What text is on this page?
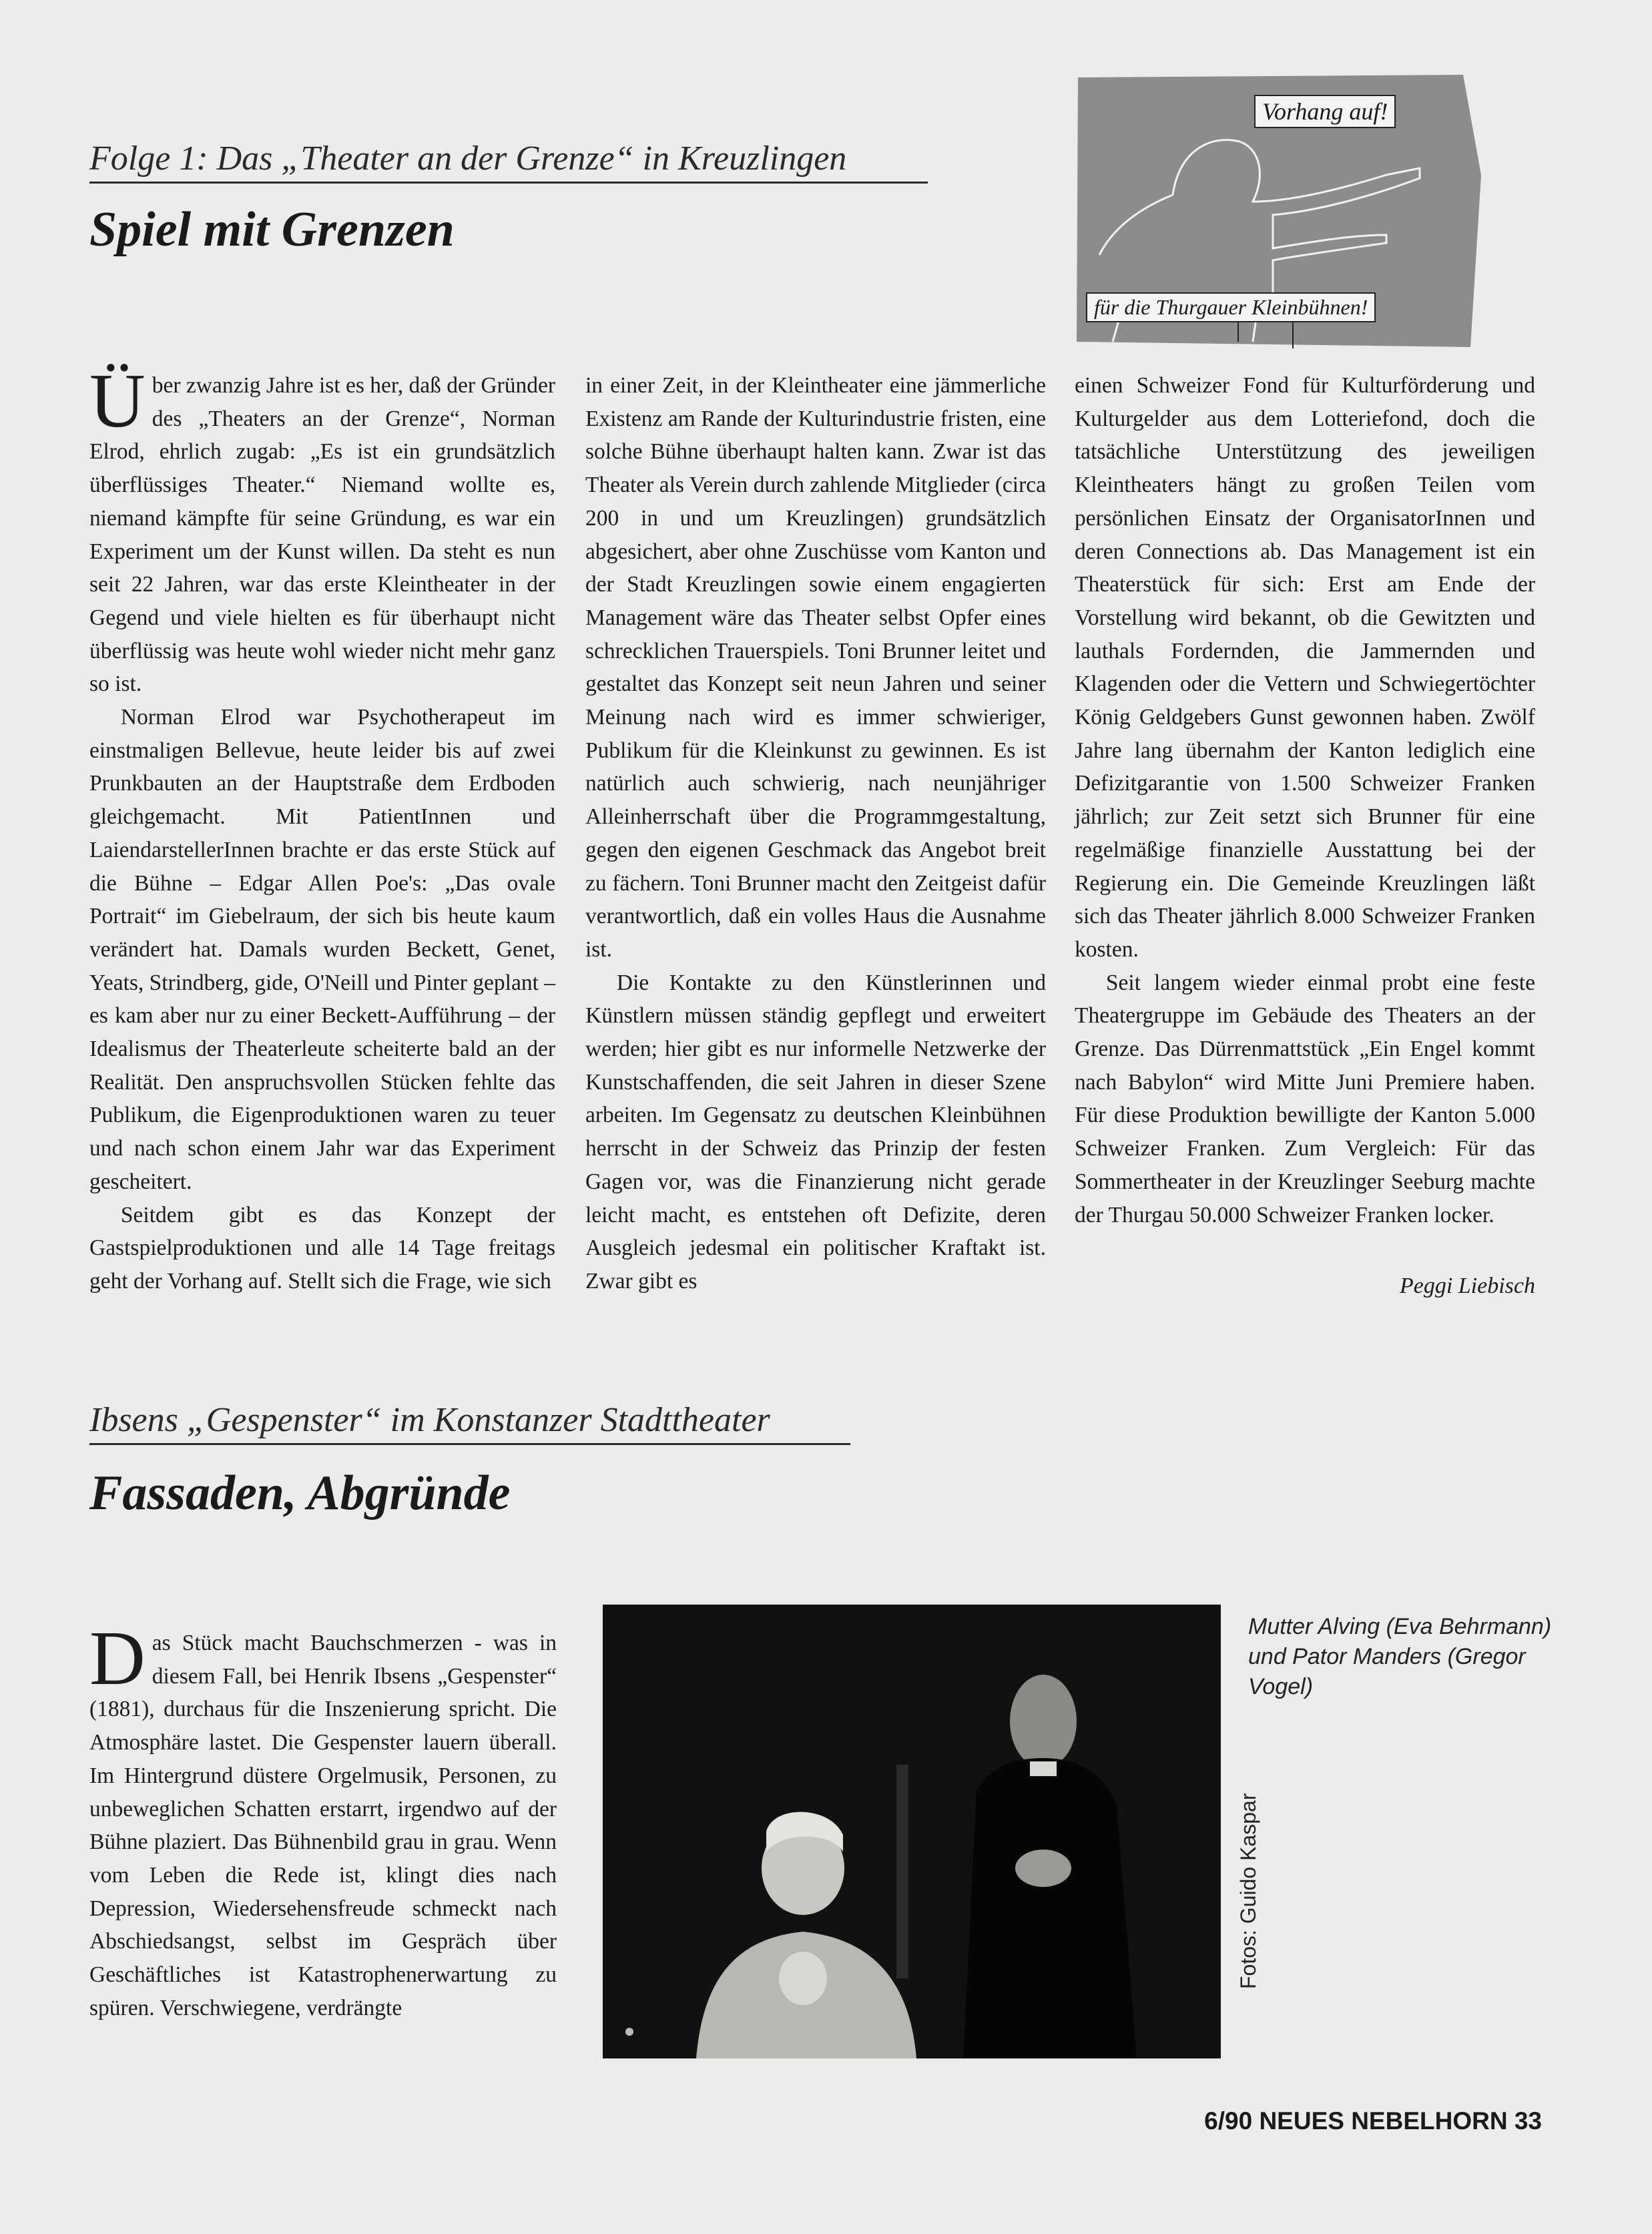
Folge 1: Das „Theater an der Grenze“ in Kreuzlingen
Spiel mit Grenzen
Vorhang auf!
für die Thurgauer Kleinbühnen!

Über zwanzig Jahre ist es her, daß der Gründer des „Theaters an der Grenze“, Norman Elrod, ehrlich zugab: „Es ist ein grundsätzlich überflüssiges Theater.“ Niemand wollte es, niemand kämpfte für seine Gründung, es war ein Experiment um der Kunst willen. Da steht es nun seit 22 Jahren, war das erste Kleintheater in der Gegend und viele hielten es für überhaupt nicht überflüssig was heute wohl wieder nicht mehr ganz so ist.

Norman Elrod war Psychotherapeut im einstmaligen Bellevue, heute leider bis auf zwei Prunkbauten an der Hauptstraße dem Erdboden gleichgemacht. Mit PatientInnen und LaiendarstellerInnen brachte er das erste Stück auf die Bühne – Edgar Allen Poe's: „Das ovale Portrait“ im Giebelraum, der sich bis heute kaum verändert hat. Damals wurden Beckett, Genet, Yeats, Strindberg, gide, O'Neill und Pinter geplant – es kam aber nur zu einer Beckett-Aufführung – der Idealismus der Theaterleute scheiterte bald an der Realität. Den anspruchsvollen Stücken fehlte das Publikum, die Eigenproduktionen waren zu teuer und nach schon einem Jahr war das Experiment gescheitert.

Seitdem gibt es das Konzept der Gastspielproduktionen und alle 14 Tage freitags geht der Vorhang auf. Stellt sich die Frage, wie sich

in einer Zeit, in der Kleintheater eine jämmerliche Existenz am Rande der Kulturindustrie fristen, eine solche Bühne überhaupt halten kann. Zwar ist das Theater als Verein durch zahlende Mitglieder (circa 200 in und um Kreuzlingen) grundsätzlich abgesichert, aber ohne Zuschüsse vom Kanton und der Stadt Kreuzlingen sowie einem engagierten Management wäre das Theater selbst Opfer eines schrecklichen Trauerspiels. Toni Brunner leitet und gestaltet das Konzept seit neun Jahren und seiner Meinung nach wird es immer schwieriger, Publikum für die Kleinkunst zu gewinnen. Es ist natürlich auch schwierig, nach neunjähriger Alleinherrschaft über die Programmgestaltung, gegen den eigenen Geschmack das Angebot breit zu fächern. Toni Brunner macht den Zeitgeist dafür verantwortlich, daß ein volles Haus die Ausnahme ist.

Die Kontakte zu den Künstlerinnen und Künstlern müssen ständig gepflegt und erweitert werden; hier gibt es nur informelle Netzwerke der Kunstschaffenden, die seit Jahren in dieser Szene arbeiten. Im Gegensatz zu deutschen Kleinbühnen herrscht in der Schweiz das Prinzip der festen Gagen vor, was die Finanzierung nicht gerade leicht macht, es entstehen oft Defizite, deren Ausgleich jedesmal ein politischer Kraftakt ist. Zwar gibt es

einen Schweizer Fond für Kulturförderung und Kulturgelder aus dem Lotteriefond, doch die tatsächliche Unterstützung des jeweiligen Kleintheaters hängt zu großen Teilen vom persönlichen Einsatz der OrganisatorInnen und deren Connections ab. Das Management ist ein Theaterstück für sich: Erst am Ende der Vorstellung wird bekannt, ob die Gewitzten und lauthals Fordernden, die Jammernden und Klagenden oder die Vettern und Schwiegertöchter König Geldgebers Gunst gewonnen haben. Zwölf Jahre lang übernahm der Kanton lediglich eine Defizitgarantie von 1.500 Schweizer Franken jährlich; zur Zeit setzt sich Brunner für eine regelmäßige finanzielle Ausstattung bei der Regierung ein. Die Gemeinde Kreuzlingen läßt sich das Theater jährlich 8.000 Schweizer Franken kosten.

Seit langem wieder einmal probt eine feste Theatergruppe im Gebäude des Theaters an der Grenze. Das Dürrenmattstück „Ein Engel kommt nach Babylon“ wird Mitte Juni Premiere haben. Für diese Produktion bewilligte der Kanton 5.000 Schweizer Franken. Zum Vergleich: Für das Sommertheater in der Kreuzlinger Seeburg machte der Thurgau 50.000 Schweizer Franken locker.

Peggi Liebisch
Ibsens „Gespenster“ im Konstanzer Stadttheater
Fassaden, Abgründe

Das Stück macht Bauchschmerzen - was in diesem Fall, bei Henrik Ibsens „Gespenster“ (1881), durchaus für die Inszenierung spricht. Die Atmosphäre lastet. Die Gespenster lauern überall. Im Hintergrund düstere Orgelmusik, Personen, zu unbeweglichen Schatten erstarrt, irgendwo auf der Bühne plaziert. Das Bühnenbild grau in grau. Wenn vom Leben die Rede ist, klingt dies nach Depression, Wiedersehensfreude schmeckt nach Abschiedsangst, selbst im Gespräch über Geschäftliches ist Katastrophenerwartung zu spüren. Verschwiegene, verdrängte

Mutter Alving (Eva Behrmann) und Pator Manders (Gregor Vogel)
Fotos: Guido Kaspar
6/90 NEUES NEBELHORN 33
